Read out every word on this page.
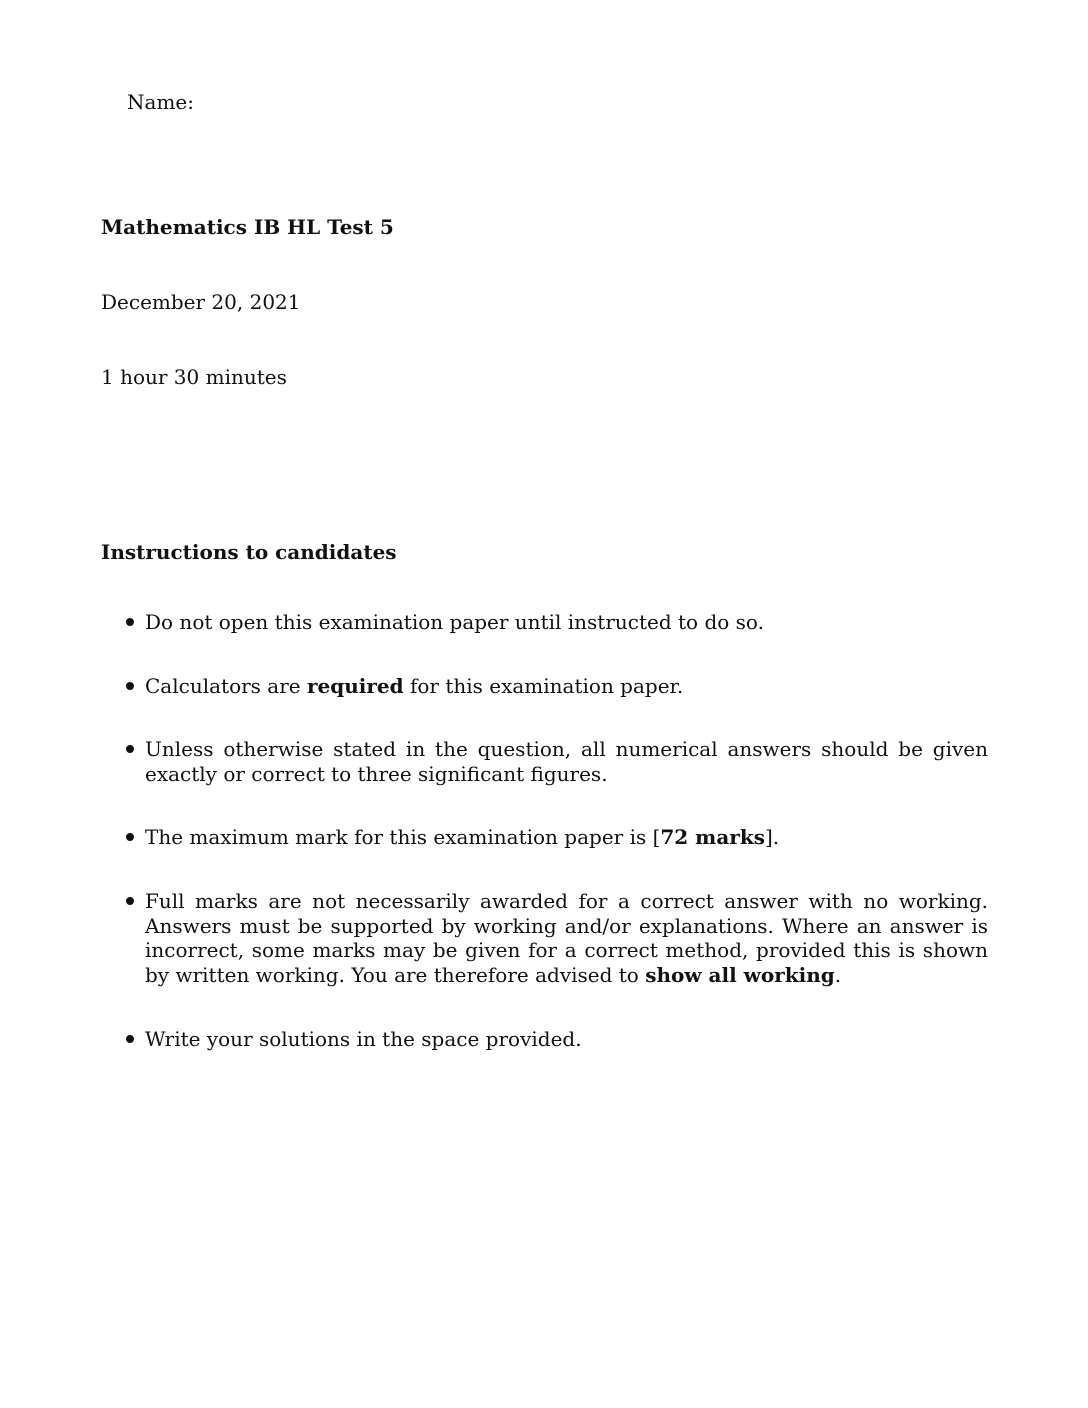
Name:
Mathematics IB HL Test 5
December 20, 2021
1 hour 30 minutes
Instructions to candidates
Do not open this examination paper until instructed to do so.
Calculators are required for this examination paper.
Unless otherwise stated in the question, all numerical answers should be given exactly or correct to three significant figures.
The maximum mark for this examination paper is [72 marks].
Full marks are not necessarily awarded for a correct answer with no working. Answers must be supported by working and/or explanations. Where an answer is incorrect, some marks may be given for a correct method, provided this is shown by written working. You are therefore advised to show all working.
Write your solutions in the space provided.
